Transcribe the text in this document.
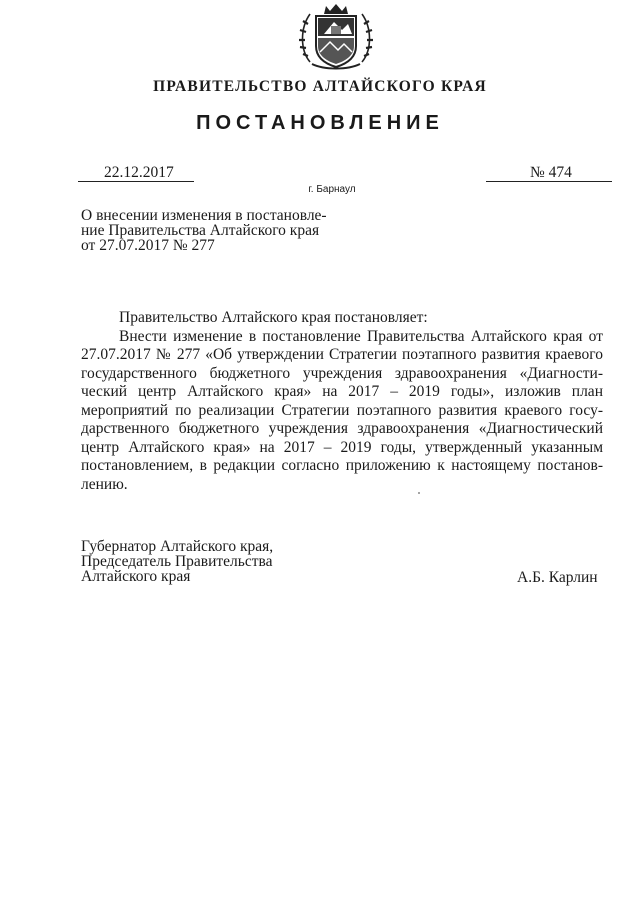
ПРАВИТЕЛЬСТВО АЛТАЙСКОГО КРАЯ
ПОСТАНОВЛЕНИЕ
22.12.2017	№ 474
г. Барнаул
О внесении изменения в постановле-
ние Правительства Алтайского края
от 27.07.2017 № 277
Правительство Алтайского края постановляет:
Внести изменение в постановление Правительства Алтайского края от
27.07.2017 № 277 «Об утверждении Стратегии поэтапного развития краевого
государственного бюджетного учреждения здравоохранения «Диагности-
ческий центр Алтайского края» на 2017 – 2019 годы», изложив план
мероприятий по реализации Стратегии поэтапного развития краевого госу-
дарственного бюджетного учреждения здравоохранения «Диагностический
центр Алтайского края» на 2017 – 2019 годы, утвержденный указанным
постановлением, в редакции согласно приложению к настоящему постанов-
лению.
Губернатор Алтайского края,
Председатель Правительства
Алтайского края	А.Б. Карлин
